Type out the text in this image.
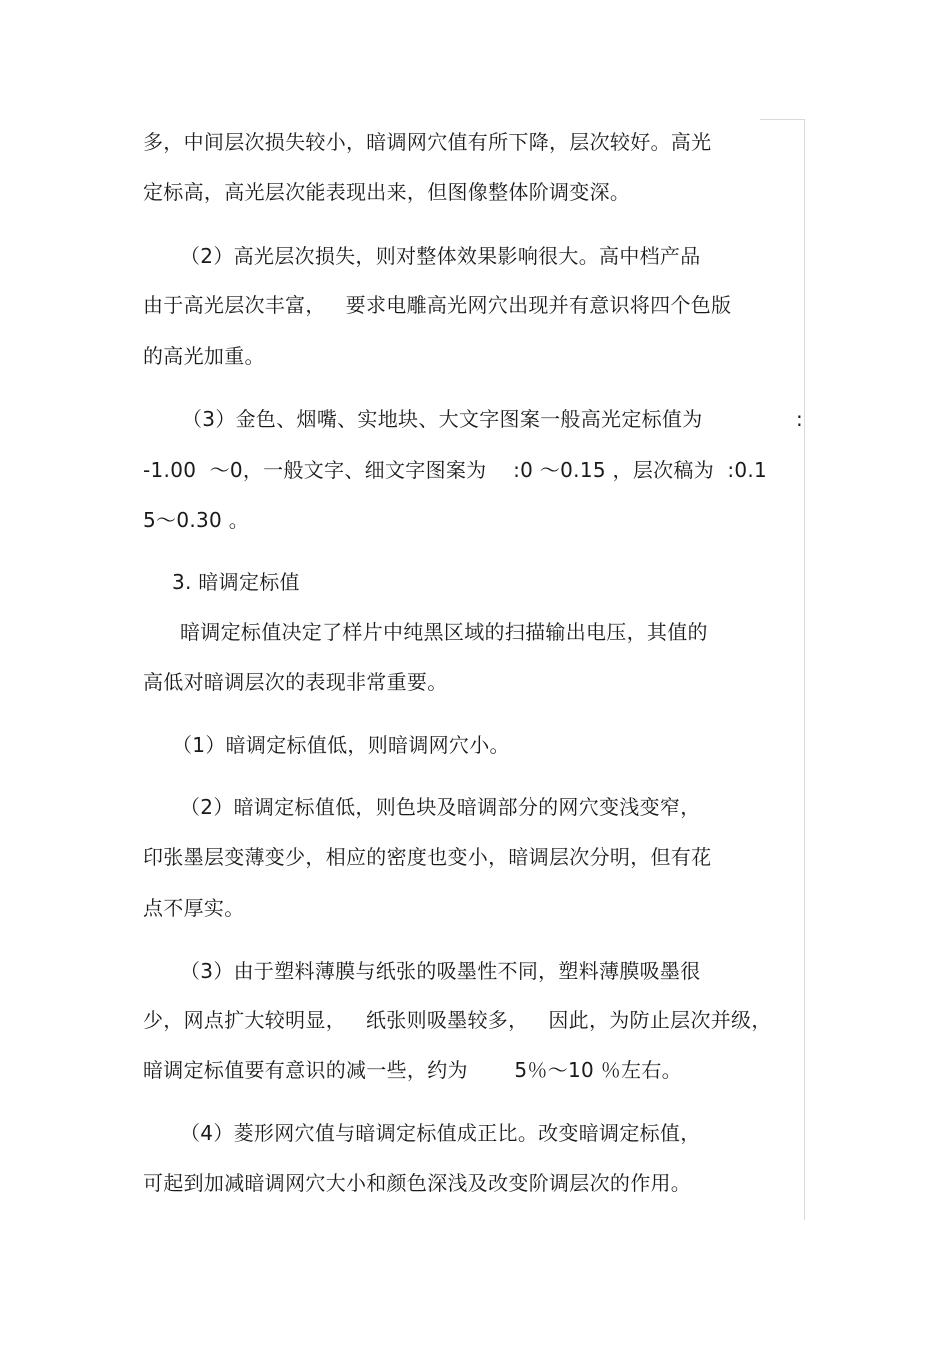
多，中间层次损失较小，暗调网穴值有所下降，层次较好。高光
定标高，高光层次能表现出来，但图像整体阶调变深。
（2）高光层次损失，则对整体效果影响很大。高中档产品
由于高光层次丰富，   要求电雕高光网穴出现并有意识将四个色版
的高光加重。
（3）金色、烟嘴、实地块、大文字图案一般高光定标值为	:
-1.00  ～0，一般文字、细文字图案为    :0 ～0.15 ，层次稿为  :0.1
5～0.30 。
3. 暗调定标值
暗调定标值决定了样片中纯黑区域的扫描输出电压，其值的
高低对暗调层次的表现非常重要。
（1）暗调定标值低，则暗调网穴小。
（2）暗调定标值低，则色块及暗调部分的网穴变浅变窄，
印张墨层变薄变少，相应的密度也变小，暗调层次分明，但有花
点不厚实。
（3）由于塑料薄膜与纸张的吸墨性不同，塑料薄膜吸墨很
少，网点扩大较明显，   纸张则吸墨较多，   因此，为防止层次并级，
暗调定标值要有意识的减一些，约为       5％～10 ％左右。
（4）菱形网穴值与暗调定标值成正比。改变暗调定标值，
可起到加减暗调网穴大小和颜色深浅及改变阶调层次的作用。
